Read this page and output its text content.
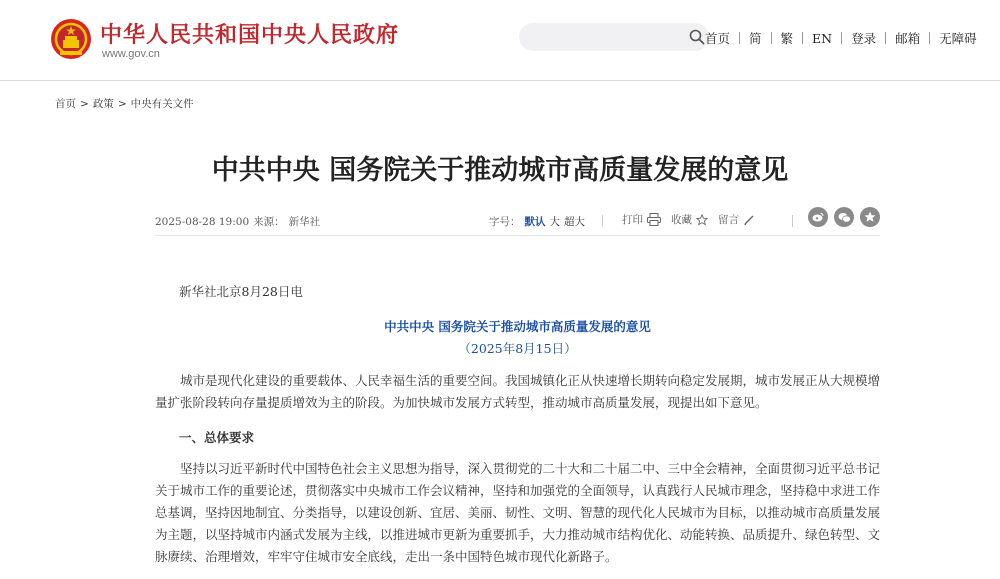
中华人民共和国中央人民政府
www.gov.cn
首页	简	繁	EN	登录	邮箱	无障碍
首页 > 政策 > 中央有关文件
中共中央 国务院关于推动城市高质量发展的意见
2025-08-28 19:00 来源： 新华社	字号： 默认 大 超大	打印	收藏 留言
新华社北京8月28日电
中共中央 国务院关于推动城市高质量发展的意见
（2025年8月15日）
城市是现代化建设的重要载体、人民幸福生活的重要空间。我国城镇化正从快速增长期转向稳定发展期，城市发展正从大规模增量扩张阶段转向存量提质增效为主的阶段。为加快城市发展方式转型，推动城市高质量发展，现提出如下意见。
一、总体要求
坚持以习近平新时代中国特色社会主义思想为指导，深入贯彻党的二十大和二十届二中、三中全会精神，全面贯彻习近平总书记关于城市工作的重要论述，贯彻落实中央城市工作会议精神，坚持和加强党的全面领导，认真践行人民城市理念，坚持稳中求进工作总基调，坚持因地制宜、分类指导，以建设创新、宜居、美丽、韧性、文明、智慧的现代化人民城市为目标，以推动城市高质量发展为主题，以坚持城市内涵式发展为主线，以推进城市更新为重要抓手，大力推动城市结构优化、动能转换、品质提升、绿色转型、文脉赓续、治理增效，牢牢守住城市安全底线，走出一条中国特色城市现代化新路子。
